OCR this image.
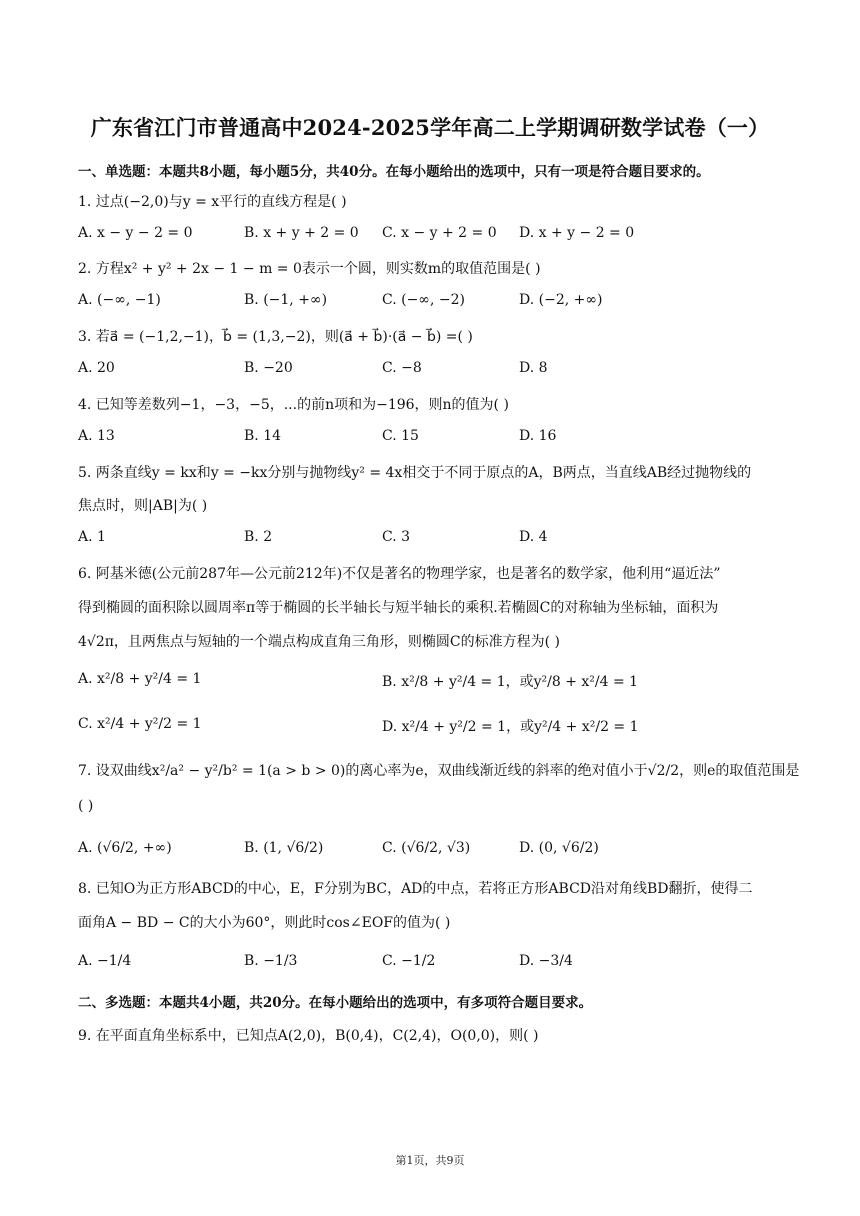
广东省江门市普通高中2024-2025学年高二上学期调研数学试卷（一）
一、单选题：本题共8小题，每小题5分，共40分。在每小题给出的选项中，只有一项是符合题目要求的。
1. 过点(−2,0)与y = x平行的直线方程是( )
A. x − y − 2 = 0	B. x + y + 2 = 0 C. x − y + 2 = 0 D. x + y − 2 = 0
2. 方程x² + y² + 2x − 1 − m = 0表示一个圆，则实数m的取值范围是( )
A. (−∞, −1)	B. (−1, +∞)	C. (−∞, −2)	D. (−2, +∞)
3. 若a⃗ = (−1,2,−1)，b⃗ = (1,3,−2)，则(a⃗ + b⃗)·(a⃗ − b⃗) =( )
A. 20	B. −20	C. −8	D. 8
4. 已知等差数列−1，−3，−5，...的前n项和为−196，则n的值为( )
A. 13	B. 14	C. 15	D. 16
5. 两条直线y = kx和y = −kx分别与抛物线y² = 4x相交于不同于原点的A，B两点，当直线AB经过抛物线的
焦点时，则|AB|为( )
A. 1	B. 2	C. 3	D. 4
6. 阿基米德(公元前287年—公元前212年)不仅是著名的物理学家，也是著名的数学家，他利用“逼近法”
得到椭圆的面积除以圆周率π等于椭圆的长半轴长与短半轴长的乘积.若椭圆C的对称轴为坐标轴，面积为
4√2π，且两焦点与短轴的一个端点构成直角三角形，则椭圆C的标准方程为( )
A. x²/8 + y²/4 = 1	B. x²/8 + y²/4 = 1，或y²/8 + x²/4 = 1
C. x²/4 + y²/2 = 1	D. x²/4 + y²/2 = 1，或y²/4 + x²/2 = 1
7. 设双曲线x²/a² − y²/b² = 1(a > b > 0)的离心率为e，双曲线渐近线的斜率的绝对值小于√2/2，则e的取值范围是
( )
A. (√6/2, +∞)	B. (1, √6/2)	C. (√6/2, √3)	D. (0, √6/2)
8. 已知O为正方形ABCD的中心，E，F分别为BC，AD的中点，若将正方形ABCD沿对角线BD翻折，使得二
面角A − BD − C的大小为60°，则此时cos∠EOF的值为( )
A. −1/4	B. −1/3	C. −1/2	D. −3/4
二、多选题：本题共4小题，共20分。在每小题给出的选项中，有多项符合题目要求。
9. 在平面直角坐标系中，已知点A(2,0)，B(0,4)，C(2,4)，O(0,0)，则( )
第1页，共9页
